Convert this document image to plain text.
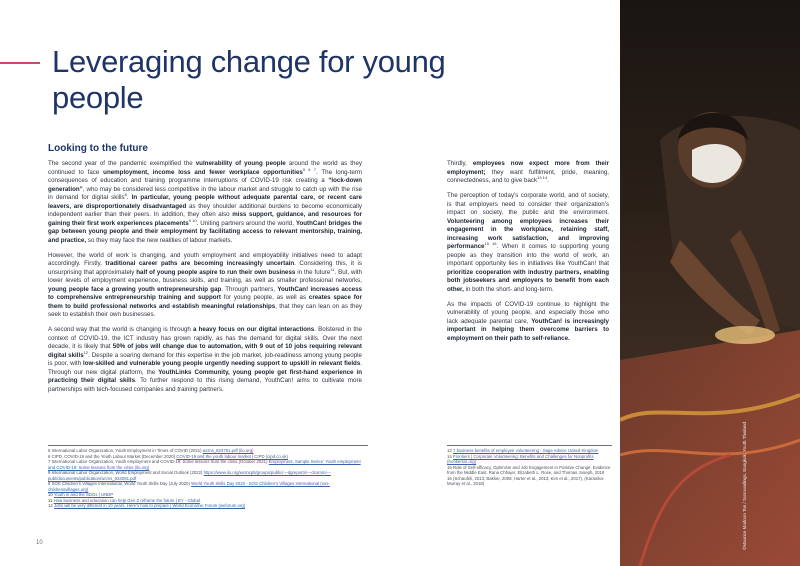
Leveraging change for young people
Looking to the future

The second year of the pandemic exemplified the vulnerability of young people around the world as they continued to face unemployment, income loss and fewer workplace opportunities$^{5 6 7}$. The long-term consequences of education and training programme interruptions of COVID-19 risk creating a “lock-down generation”, who may be considered less competitive in the labour market and struggle to catch up with the rise in demand for digital skills$^8$. In particular, young people without adequate parental care, or recent care leavers, are disproportionately disadvantaged as they shoulder additional burdens to become economically independent earlier than their peers. In addition, they often also miss support, guidance, and resources for gaining their first work experiences placements$^{9 10}$. Uniting partners around the world, YouthCan! bridges the gap between young people and their employment by facilitating access to relevant mentorship, training, and practice, so they may face the new realities of labour markets.

However, the world of work is changing, and youth employment and employability initiatives need to adapt accordingly. Firstly, traditional career paths are becoming increasingly uncertain. Considering this, it is unsurprising that approximately half of young people aspire to run their own business in the future$^{11}$. But, with lower levels of employment experience, business skills, and training, as well as smaller professional networks, young people face a growing youth entrepreneurship gap. Through partners, YouthCan! increases access to comprehensive entrepreneurship training and support for young people, as well as creates space for them to build professional networks and establish meaningful relationships, that they can lean on as they seek to establish their own businesses.

A second way that the world is changing is through a heavy focus on our digital interactions. Bolstered in the context of COVID-19, the ICT industry has grown rapidly, as has the demand for digital skills. Over the next decade, it is likely that 50% of jobs will change due to automation, with 9 out of 10 jobs requiring relevant digital skills$^{12}$. Despite a soaring demand for this expertise in the job market, job-readiness among young people is poor, with low-skilled and vulnerable young people urgently needing support to upskill in relevant fields. Through our new digital platform, the YouthLinks Community, young people get first-hand experience in practicing their digital skills. To further respond to this rising demand, YouthCan! aims to cultivate more partnerships with tech-focused companies and training partners.

Thirdly, employees now expect more from their employment; they want fulfilment, pride, meaning, connectedness, and to give back$^{13 14}$.

The perception of today’s corporate world, and of society, is that employers need to consider their organization’s impact on society, the public and the environment. Volunteering among employees increases their engagement in the workplace, retaining staff, increasing work satisfaction, and improving performance$^{15 16}$. When it comes to supporting young people as they transition into the world of work, an important opportunity lies in initiatives like YouthCan! that prioritize cooperation with industry partners, enabling both jobseekers and employers to benefit from each other, in both the short- and long-term.

As the impacts of COVID-19 continue to highlight the vulnerability of young people, and especially those who lack adequate parental care, YouthCan! is increasingly important in helping them overcome barriers to employment on their path to self-reliance.

5 International Labor Organization, Youth Employment in Times of COVID (2021) wcms_823751.pdf (ilo.org)
6 CIPD, COVID-19 and the Youth Labour Market (December 2020) COVID-19 and the youth labour market | CIPD (cipd.co.uk)
7 International Labor Organization, Youth employment and COVID-19: Some lessons from the crisis (October 2021) Employment, Sample Series: Youth employment and COVID-19: Some lessons from the crisis (ilo.org)
8 International Labor Organization, World Employment and Social Outlook (2022) https://www.ilo.org/wcmsp5/groups/public/---dgreports/---dcomm/---publ/documents/publication/wcms_834081.pdf
9 SOS Children’s Villages International, World Youth Skills Day (July 2020) World Youth Skills Day 2020 - SOS Children’s Villages International (sos-childrensvillages.org)
10 Youth in and the SDGs | UNDP
11 How business and education can help Gen Z reframe the future | EY - Global
12 Jobs will be very different in 10 years. Here’s how to prepare | World Economic Forum (weforum.org)
13 7 business benefits of employee volunteering - Sage Advice United Kingdom
14 Frontiers | Corporate Volunteering: Benefits and Challenges for Nonprofits (frontiersin.org)
15 Role of Self-efficacy, Optimism and Job Engagement in Positive Change: Evidence from the Middle East. Rana Chhajer, Elizabeth L. Rose, and Thomas Joseph, 2018
16 (Schaufeli, 2013; Bakker, 2008; Harter et al., 2013; Kim et al., 2017), (Karanika-Murray et al., 2018)
10	©Maurice Madoon Tan / Surroundings, Bangkok, Youth Thailand
